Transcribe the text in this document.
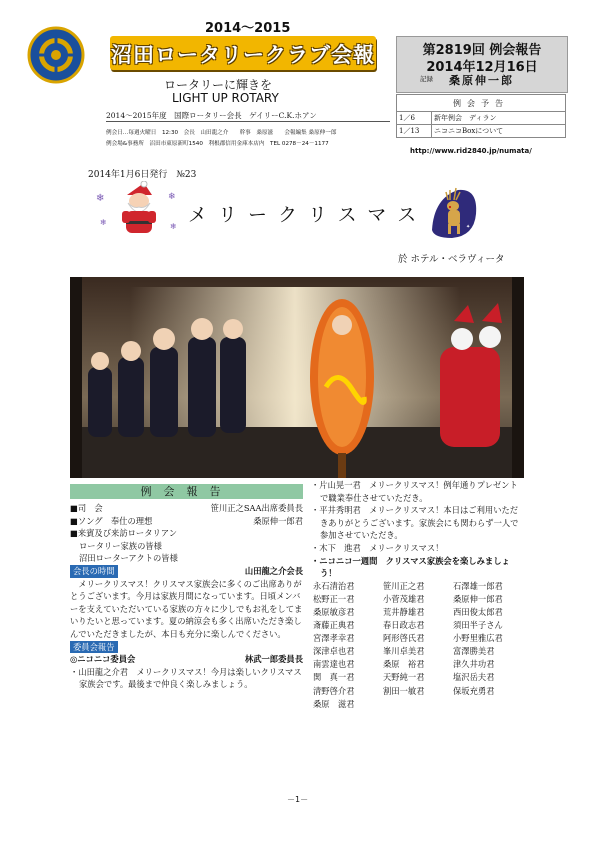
2014～2015
沼田ロータリークラブ会報
ロータリーに輝きを
LIGHT UP ROTARY
2014～2015年度　国際ロータリー会長　ゲイリーC.K.ホアン
例会日…毎週火曜日　12:30　会長　山田龍之介　　幹事　桑原滋　　会報編集 桑原伸一郎
例会場&事務所　沼田市東原新町1540　利根郡信用金庫本店内　TEL 0278－24－1177
第2819回 例会報告
2014年12月16日
記録 桑原伸一郎
例会予告	
1／6	新年例会　ディラン
1／13	ニコニコBoxについて
http://www.rid2840.jp/numata/
2014年1月6日発行　№23
❄
❄
❄
❄
メリークリスマス
✦
✦
於 ホテル・ベラヴィータ
例会報告
■司　会	笹川正之SAA出席委員長
■ソング　奉仕の理想	桑原伸一郎君
■来賓及び来訪ロータリアン
ロータリー家族の皆様
沼田ローターアクトの皆様
会長の時間	山田龍之介会長
メリークリスマス！クリスマス家族会に多くのご出席ありがとうございます。今月は家族月間になっています。日頃メンバーを支えていただいている家族の方々に少しでもお礼をしてまいりたいと思っています。夏の納涼会も多く出席いただき楽しんでいただきましたが、本日も充分に楽しんでください。
委員会報告
◎ニコニコ委員会	林武一郎委員長
・山田龍之介君　メリークリスマス！今月は楽しいクリスマス家族会です。最後まで仲良く楽しみましょう。
・片山晃一君　メリークリスマス！例年通りプレゼントで職業奉仕させていただき。
・平井秀明君　メリークリスマス！本日はご利用いただきありがとうございます。家族会にも関わらず一人で参加させていただき。
・木下　進君　メリークリスマス！
・ニコニコ一週間　クリスマス家族会を楽しみましょう！
永石清治君	笹川正之君	石澤雄一郎君
松野正一君	小菅茂雄君	桑原伸一郎君
桑原敏彦君	荒井静雄君	西田俊太郎君
斎藤正典君	春日政志君	須田半子さん
宮澤孝幸君	阿形啓氏君	小野里雅広君
深津卓也君	峯川卓美君	富澤勝美君
南雲達也君	桑原　裕君	津久井功君
関　真一君	天野純一君	塩沢岳夫君
清野啓介君	割田一敏君	保坂充勇君
桑原　滋君
－1－
